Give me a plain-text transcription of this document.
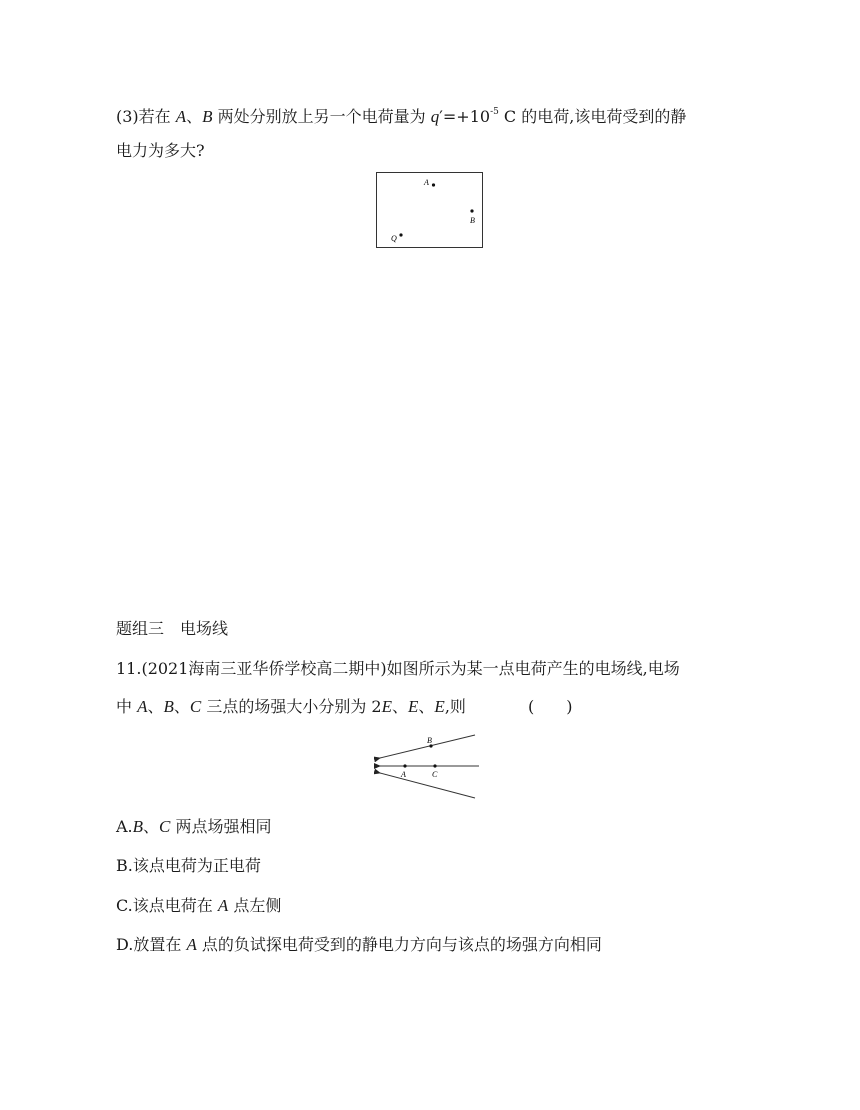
(3)若在 A、B 两处分别放上另一个电荷量为 $q'=+10^{-5}$ C 的电荷,该电荷受到的静
电力为多大?
A
B
Q
题组三　电场线
11.(2021海南三亚华侨学校高二期中)如图所示为某一点电荷产生的电场线,电场
中 A、B、C 三点的场强大小分别为 2E、E、E,则	(　　)
B
A	C
A.B、C 两点场强相同
B.该点电荷为正电荷
C.该点电荷在 A 点左侧
D.放置在 A 点的负试探电荷受到的静电力方向与该点的场强方向相同
